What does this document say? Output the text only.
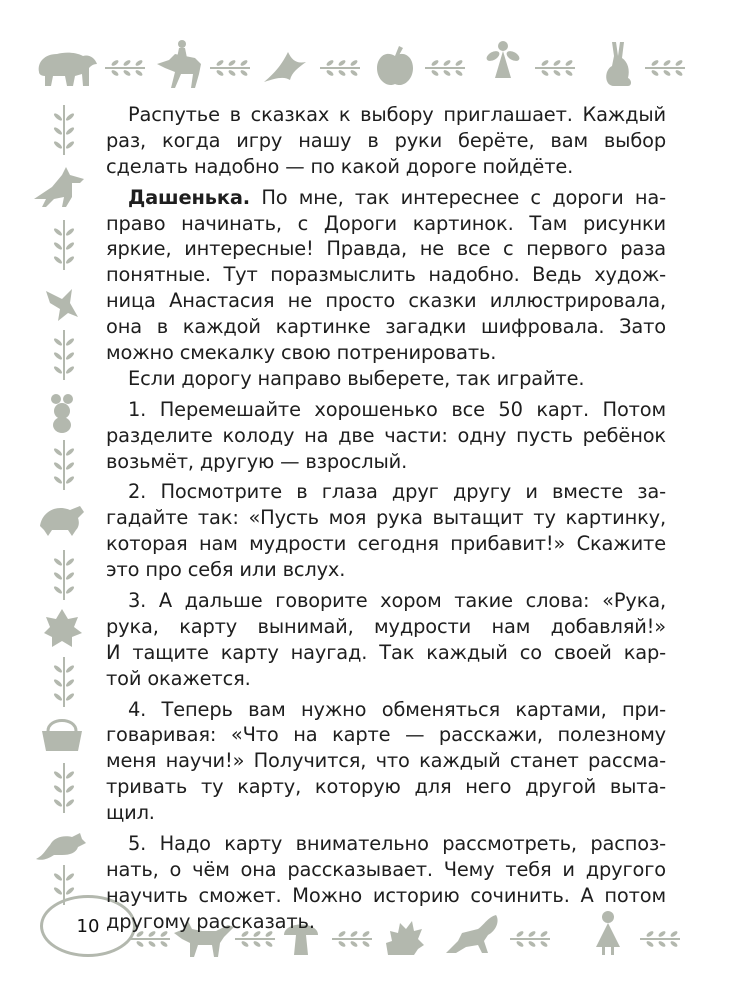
10
Распутье в сказках к выбору приглашает. Каждый
раз, когда игру нашу в руки берёте, вам выбор
сделать надобно — по какой дороге пойдёте.
Дашенька. По мне, так интереснее с дороги на-
право начинать, с Дороги картинок. Там рисунки
яркие, интересные! Правда, не все с первого раза
понятные. Тут поразмыслить надобно. Ведь худож-
ница Анастасия не просто сказки иллюстрировала,
она в каждой картинке загадки шифровала. Зато
можно смекалку свою потренировать.
Если дорогу направо выберете, так играйте.
1. Перемешайте хорошенько все 50 карт. Потом
разделите колоду на две части: одну пусть ребёнок
возьмёт, другую — взрослый.
2. Посмотрите в глаза друг другу и вместе за-
гадайте так: «Пусть моя рука вытащит ту картинку,
которая нам мудрости сегодня прибавит!» Скажите
это про себя или вслух.
3. А дальше говорите хором такие слова: «Рука,
рука, карту вынимай, мудрости нам добавляй!»
И тащите карту наугад. Так каждый со своей кар-
той окажется.
4. Теперь вам нужно обменяться картами, при-
говаривая: «Что на карте — расскажи, полезному
меня научи!» Получится, что каждый станет рассма-
тривать ту карту, которую для него другой выта-
щил.
5. Надо карту внимательно рассмотреть, распоз-
нать, о чём она рассказывает. Чему тебя и другого
научить сможет. Можно историю сочинить. А потом
другому рассказать.
